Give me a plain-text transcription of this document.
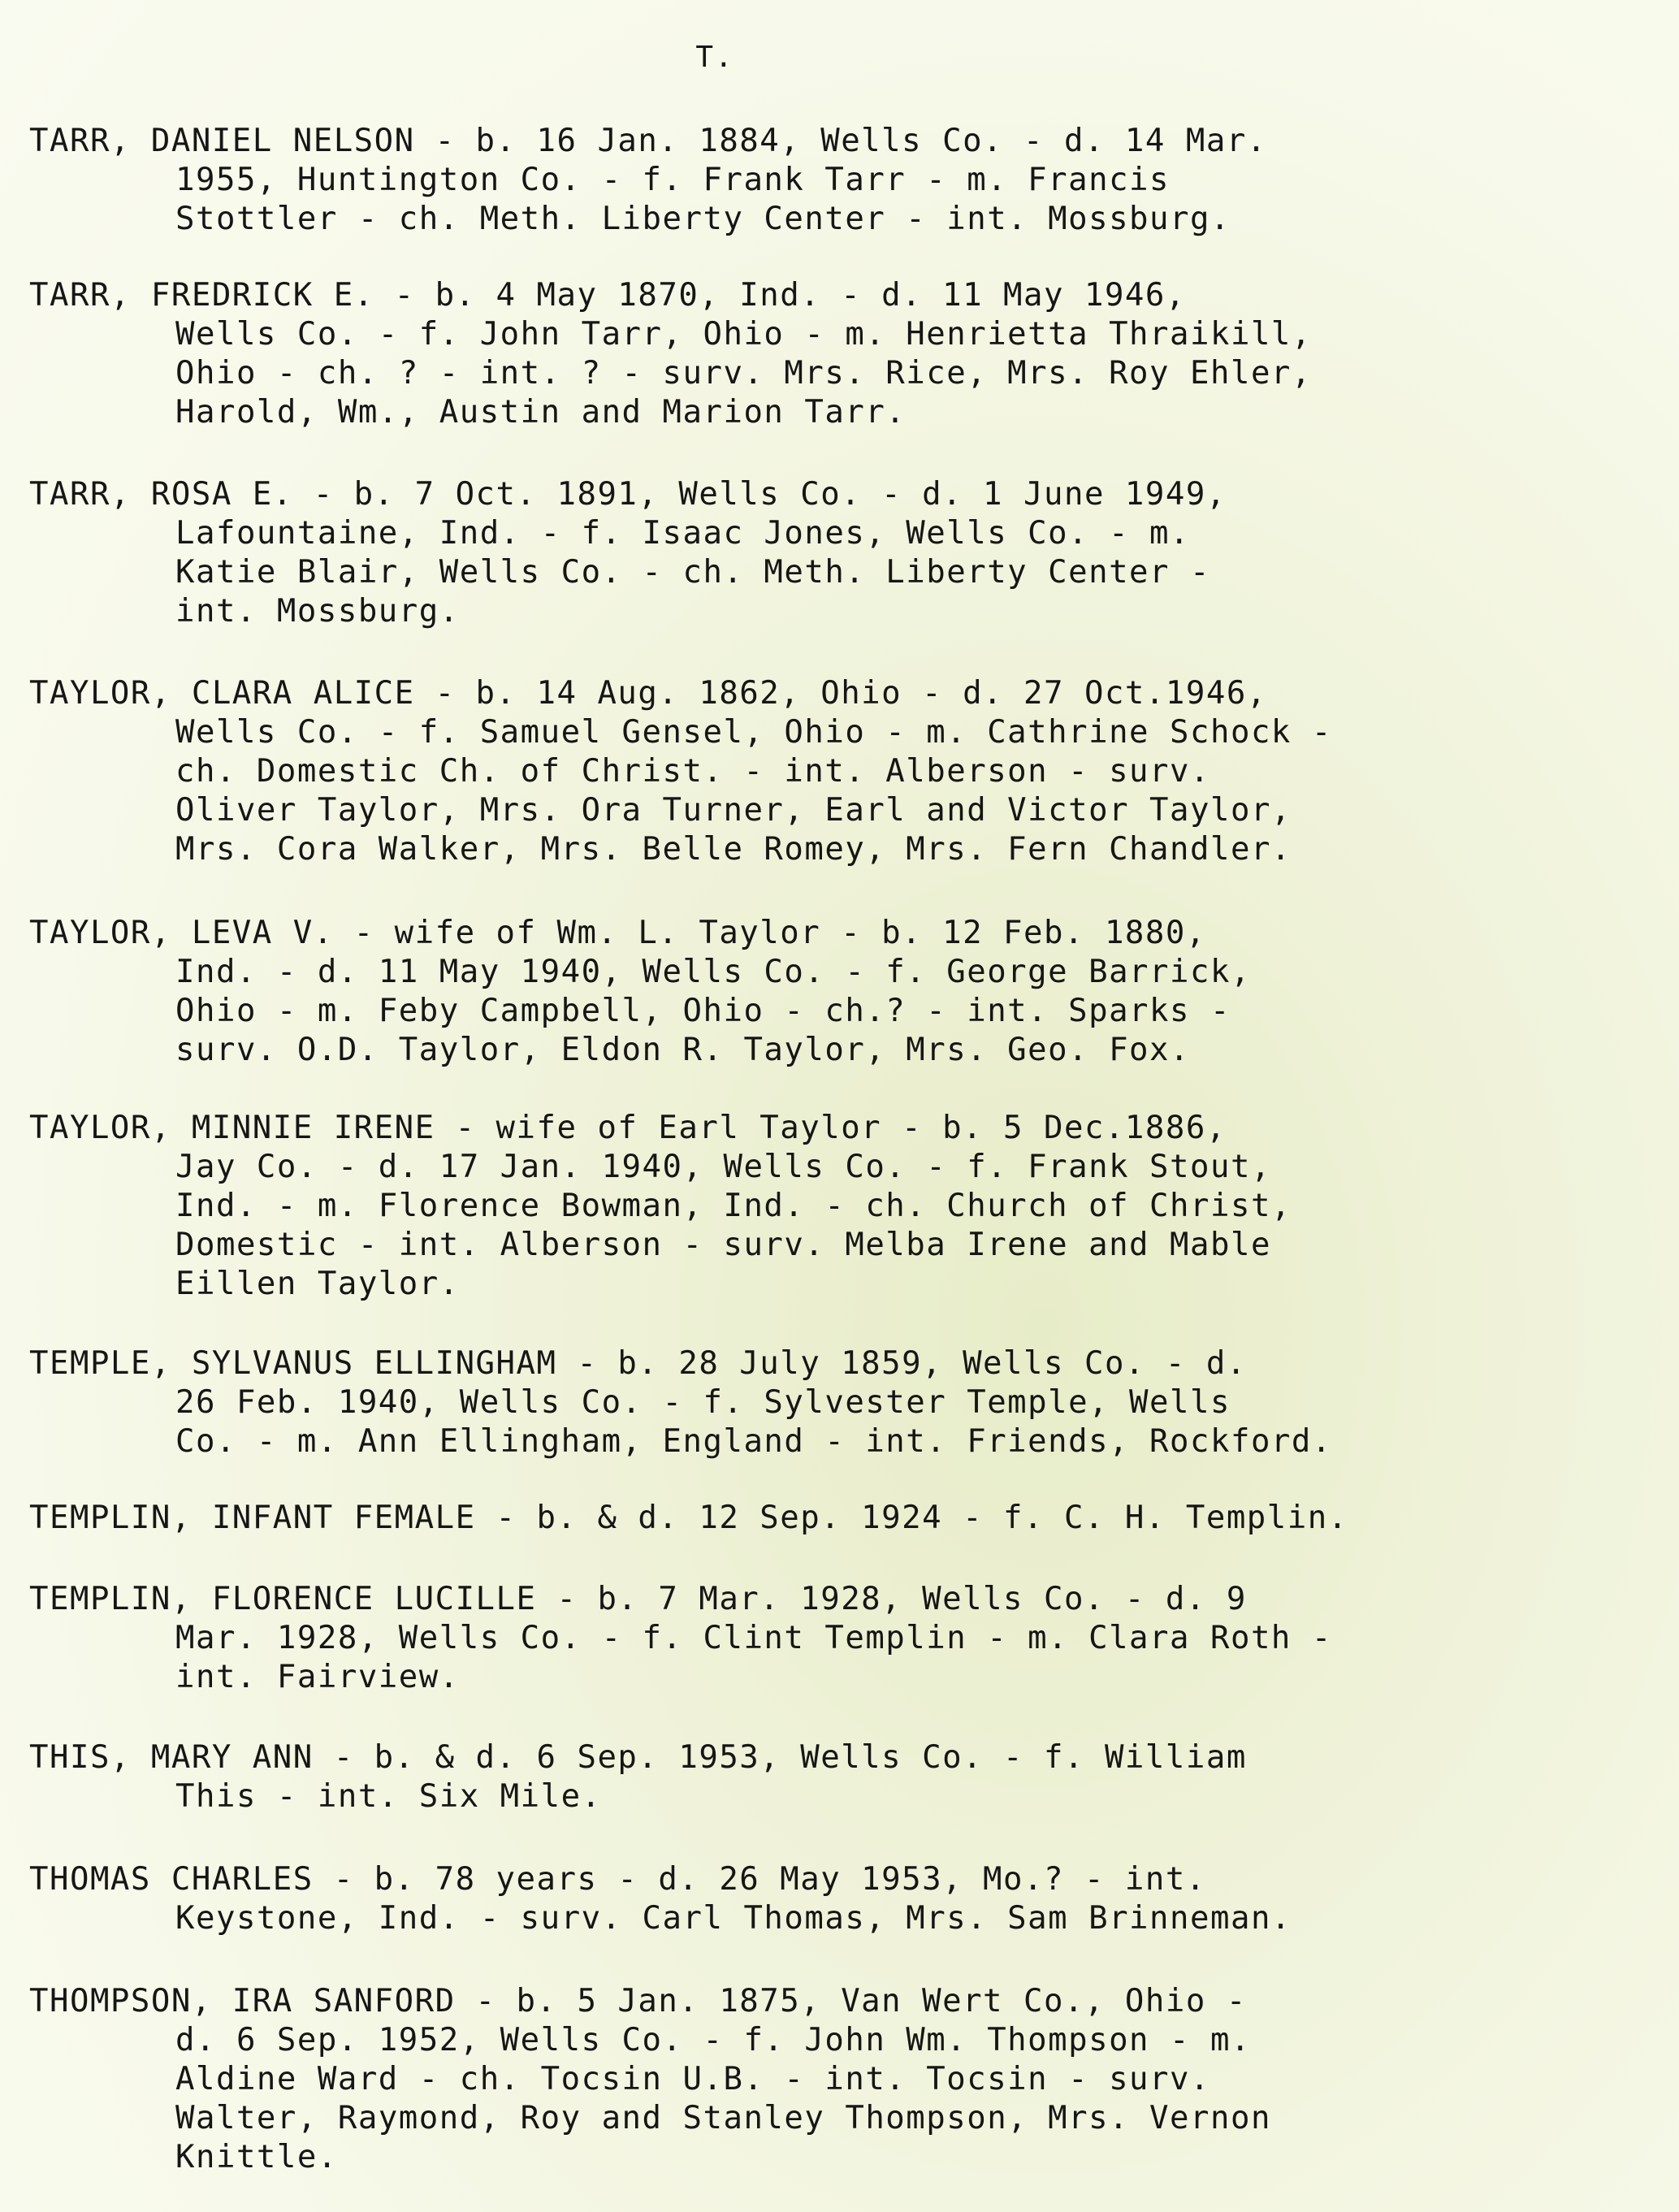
T.
TARR, DANIEL NELSON - b. 16 Jan. 1884, Wells Co. - d. 14 Mar.
1955, Huntington Co. - f. Frank Tarr - m. Francis
Stottler - ch. Meth. Liberty Center - int. Mossburg.
TARR, FREDRICK E. - b. 4 May 1870, Ind. - d. 11 May 1946,
Wells Co. - f. John Tarr, Ohio - m. Henrietta Thraikill,
Ohio - ch. ? - int. ? - surv. Mrs. Rice, Mrs. Roy Ehler,
Harold, Wm., Austin and Marion Tarr.
TARR, ROSA E. - b. 7 Oct. 1891, Wells Co. - d. 1 June 1949,
Lafountaine, Ind. - f. Isaac Jones, Wells Co. - m.
Katie Blair, Wells Co. - ch. Meth. Liberty Center -
int. Mossburg.
TAYLOR, CLARA ALICE - b. 14 Aug. 1862, Ohio - d. 27 Oct.1946,
Wells Co. - f. Samuel Gensel, Ohio - m. Cathrine Schock -
ch. Domestic Ch. of Christ. - int. Alberson - surv.
Oliver Taylor, Mrs. Ora Turner, Earl and Victor Taylor,
Mrs. Cora Walker, Mrs. Belle Romey, Mrs. Fern Chandler.
TAYLOR, LEVA V. - wife of Wm. L. Taylor - b. 12 Feb. 1880,
Ind. - d. 11 May 1940, Wells Co. - f. George Barrick,
Ohio - m. Feby Campbell, Ohio - ch.? - int. Sparks -
surv. O.D. Taylor, Eldon R. Taylor, Mrs. Geo. Fox.
TAYLOR, MINNIE IRENE - wife of Earl Taylor - b. 5 Dec.1886,
Jay Co. - d. 17 Jan. 1940, Wells Co. - f. Frank Stout,
Ind. - m. Florence Bowman, Ind. - ch. Church of Christ,
Domestic - int. Alberson - surv. Melba Irene and Mable
Eillen Taylor.
TEMPLE, SYLVANUS ELLINGHAM - b. 28 July 1859, Wells Co. - d.
26 Feb. 1940, Wells Co. - f. Sylvester Temple, Wells
Co. - m. Ann Ellingham, England - int. Friends, Rockford.
TEMPLIN, INFANT FEMALE - b. & d. 12 Sep. 1924 - f. C. H. Templin.
TEMPLIN, FLORENCE LUCILLE - b. 7 Mar. 1928, Wells Co. - d. 9
Mar. 1928, Wells Co. - f. Clint Templin - m. Clara Roth -
int. Fairview.
THIS, MARY ANN - b. & d. 6 Sep. 1953, Wells Co. - f. William
This - int. Six Mile.
THOMAS CHARLES - b. 78 years - d. 26 May 1953, Mo.? - int.
Keystone, Ind. - surv. Carl Thomas, Mrs. Sam Brinneman.
THOMPSON, IRA SANFORD - b. 5 Jan. 1875, Van Wert Co., Ohio -
d. 6 Sep. 1952, Wells Co. - f. John Wm. Thompson - m.
Aldine Ward - ch. Tocsin U.B. - int. Tocsin - surv.
Walter, Raymond, Roy and Stanley Thompson, Mrs. Vernon
Knittle.
